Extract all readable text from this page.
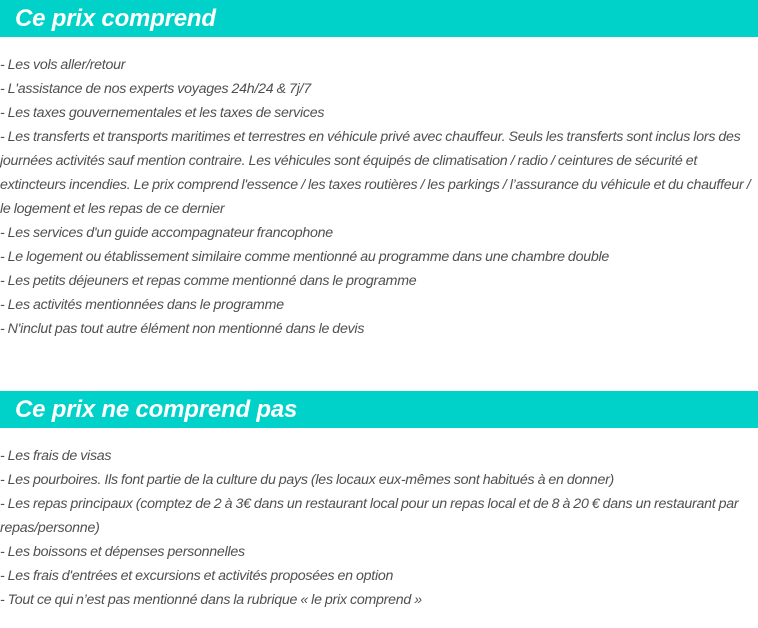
Ce prix comprend
- Les vols aller/retour
- L'assistance de nos experts voyages 24h/24 & 7j/7
- Les taxes gouvernementales et les taxes de services
- Les transferts et transports maritimes et terrestres en véhicule privé avec chauffeur. Seuls les transferts sont inclus lors des journées activités sauf mention contraire. Les véhicules sont équipés de climatisation / radio / ceintures de sécurité et extincteurs incendies. Le prix comprend l'essence / les taxes routières / les parkings / l’assurance du véhicule et du chauffeur / le logement et les repas de ce dernier
- Les services d'un guide accompagnateur francophone
- Le logement ou établissement similaire comme mentionné au programme dans une chambre double
- Les petits déjeuners et repas comme mentionné dans le programme
- Les activités mentionnées dans le programme
- N'inclut pas tout autre élément non mentionné dans le devis
Ce prix ne comprend pas
- Les frais de visas
- Les pourboires. Ils font partie de la culture du pays (les locaux eux-mêmes sont habitués à en donner)
- Les repas principaux (comptez de 2 à 3€ dans un restaurant local pour un repas local et de 8 à 20 € dans un restaurant par repas/personne)
- Les boissons et dépenses personnelles
- Les frais d'entrées et excursions et activités proposées en option
- Tout ce qui n’est pas mentionné dans la rubrique « le prix comprend »
